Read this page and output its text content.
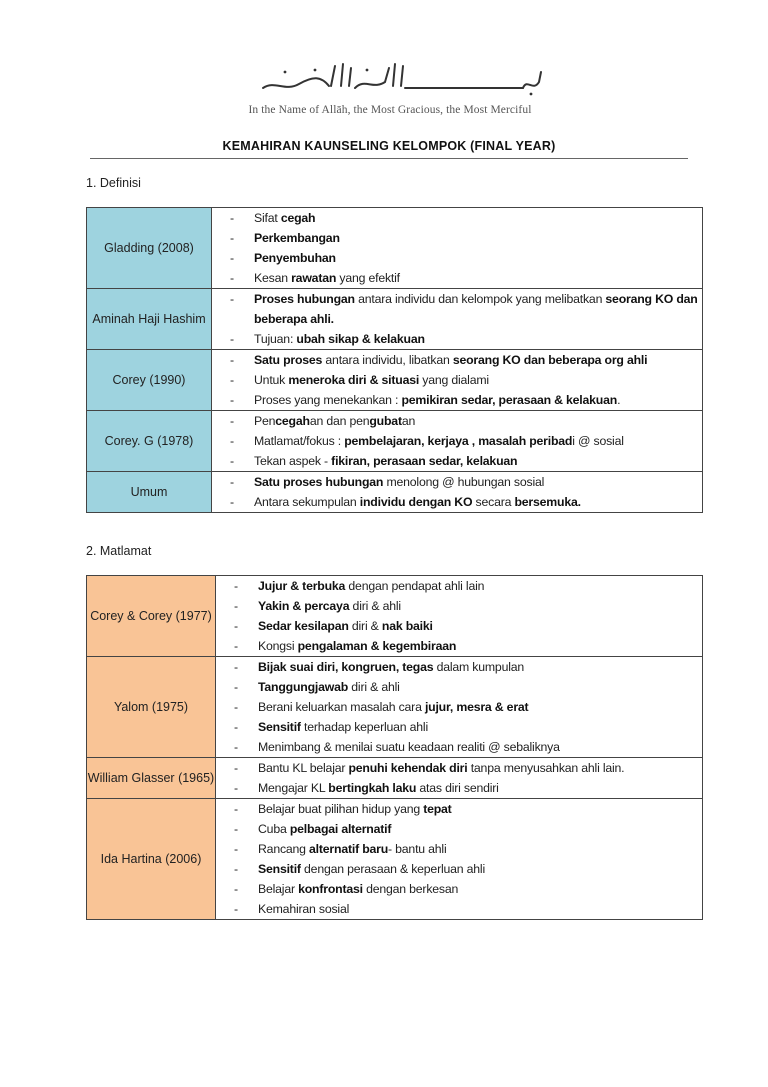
In the Name of Allāh, the Most Gracious, the Most Merciful
KEMAHIRAN KAUNSELING KELOMPOK (FINAL YEAR)
1. Definisi
Gladding (2008)	
- Sifat cegah
- Perkembangan
- Penyembuhan
- Kesan rawatan yang efektif

Aminah Haji Hashim	
- Proses hubungan antara individu dan kelompok yang melibatkan seorang KO dan beberapa ahli.
- Tujuan: ubah sikap & kelakuan

Corey (1990)	
- Satu proses antara individu, libatkan seorang KO dan beberapa org ahli
- Untuk meneroka diri & situasi yang dialami
- Proses yang menekankan : pemikiran sedar, perasaan & kelakuan.

Corey. G (1978)	
- Pencegahan dan pengubatan
- Matlamat/fokus : pembelajaran, kerjaya , masalah peribadi @ sosial
- Tekan aspek - fikiran, perasaan sedar, kelakuan

Umum	
- Satu proses hubungan menolong @ hubungan sosial
- Antara sekumpulan individu dengan KO secara bersemuka.
2. Matlamat
Corey & Corey (1977)	
- Jujur & terbuka dengan pendapat ahli lain
- Yakin & percaya diri & ahli
- Sedar kesilapan diri & nak baiki
- Kongsi pengalaman & kegembiraan

Yalom (1975)	
- Bijak suai diri, kongruen, tegas dalam kumpulan
- Tanggungjawab diri & ahli
- Berani keluarkan masalah cara jujur, mesra & erat
- Sensitif terhadap keperluan ahli
- Menimbang & menilai suatu keadaan realiti @ sebaliknya

William Glasser (1965)	
- Bantu KL belajar penuhi kehendak diri tanpa menyusahkan ahli lain.
- Mengajar KL bertingkah laku atas diri sendiri

Ida Hartina (2006)	
- Belajar buat pilihan hidup yang tepat
- Cuba pelbagai alternatif
- Rancang alternatif baru- bantu ahli
- Sensitif dengan perasaan & keperluan ahli
- Belajar konfrontasi dengan berkesan
- Kemahiran sosial
